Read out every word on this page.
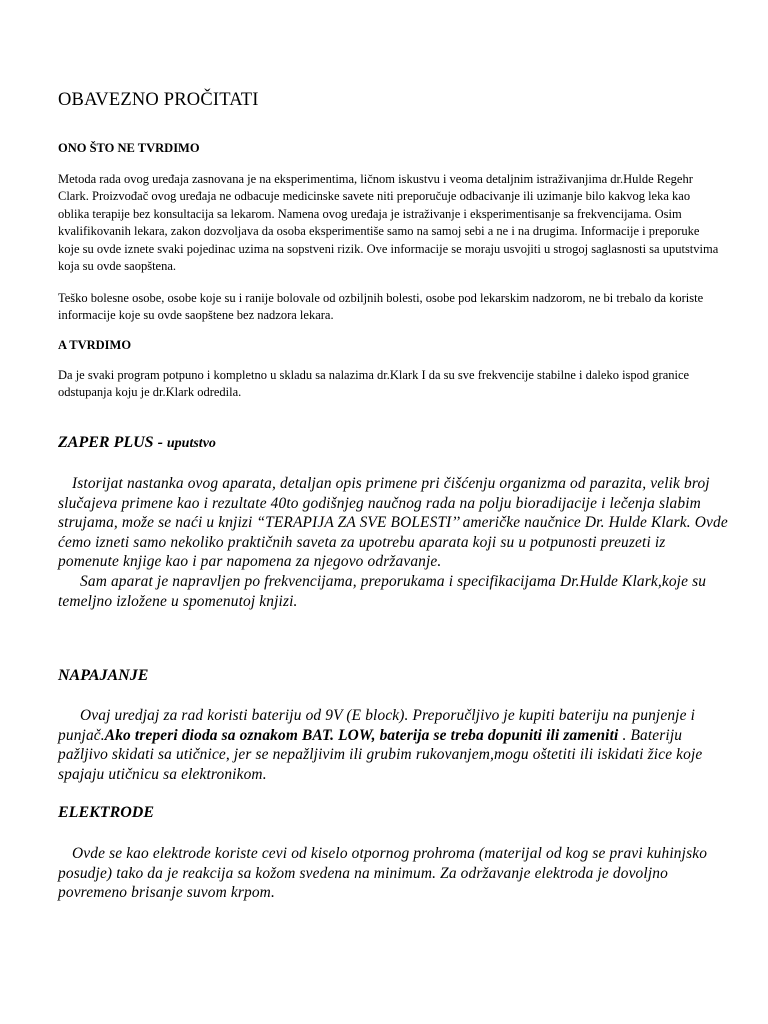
OBAVEZNO PROČITATI
ONO ŠTO NE TVRDIMO
Metoda rada ovog uređaja zasnovana je na eksperimentima, ličnom iskustvu i veoma detaljnim istraživanjima dr.Hulde Regehr Clark. Proizvođač ovog uređaja ne odbacuje medicinske savete niti preporučuje odbacivanje ili uzimanje bilo kakvog leka kao oblika terapije bez konsultacija sa lekarom. Namena ovog uređaja je istraživanje i eksperimentisanje sa frekvencijama. Osim kvalifikovanih lekara, zakon dozvoljava da osoba eksperimentiše samo na samoj sebi a ne i na drugima. Informacije i preporuke koje su ovde iznete svaki pojedinac uzima na sopstveni rizik. Ove informacije se moraju usvojiti u strogoj saglasnosti sa uputstvima koja su ovde saopštena.
Teško bolesne osobe, osobe koje su i ranije bolovale od ozbiljnih bolesti, osobe pod lekarskim nadzorom, ne bi trebalo da koriste informacije koje su ovde saopštene bez nadzora lekara.
A TVRDIMO
Da je svaki program potpuno i kompletno u skladu sa nalazima dr.Klark I da su sve frekvencije stabilne i daleko ispod granice odstupanja koju je dr.Klark odredila.
ZAPER PLUS - uputstvo
Istorijat nastanka ovog aparata, detaljan opis primene pri čišćenju organizma od parazita, velik broj slučajeva primene kao i rezultate 40to godišnjeg naučnog rada na polju bioradijacije i lečenja slabim strujama, može se naći u knjizi “TERAPIJA ZA SVE BOLESTI’’ američke naučnice Dr. Hulde Klark. Ovde ćemo izneti samo nekoliko praktičnih saveta za upotrebu aparata koji su u potpunosti preuzeti iz pomenute knjige kao i par napomena za njegovo održavanje.
Sam aparat je napravljen po frekvencijama, preporukama i specifikacijama Dr.Hulde Klark,koje su temeljno izložene u spomenutoj knjizi.
NAPAJANJE
Ovaj uredjaj za rad koristi bateriju od 9V (E block). Preporučljivo je kupiti bateriju na punjenje i punjač.Ako treperi dioda sa oznakom BAT. LOW, baterija se treba dopuniti ili zameniti . Bateriju pažljivo skidati sa utičnice, jer se nepažljivim ili grubim rukovanjem,mogu oštetiti ili iskidati žice koje spajaju utičnicu sa elektronikom.
ELEKTRODE
Ovde se kao elektrode koriste cevi od kiselo otpornog prohroma (materijal od kog se pravi kuhinjsko posudje) tako da je reakcija sa kožom svedena na minimum. Za održavanje elektroda je dovoljno povremeno brisanje suvom krpom.
